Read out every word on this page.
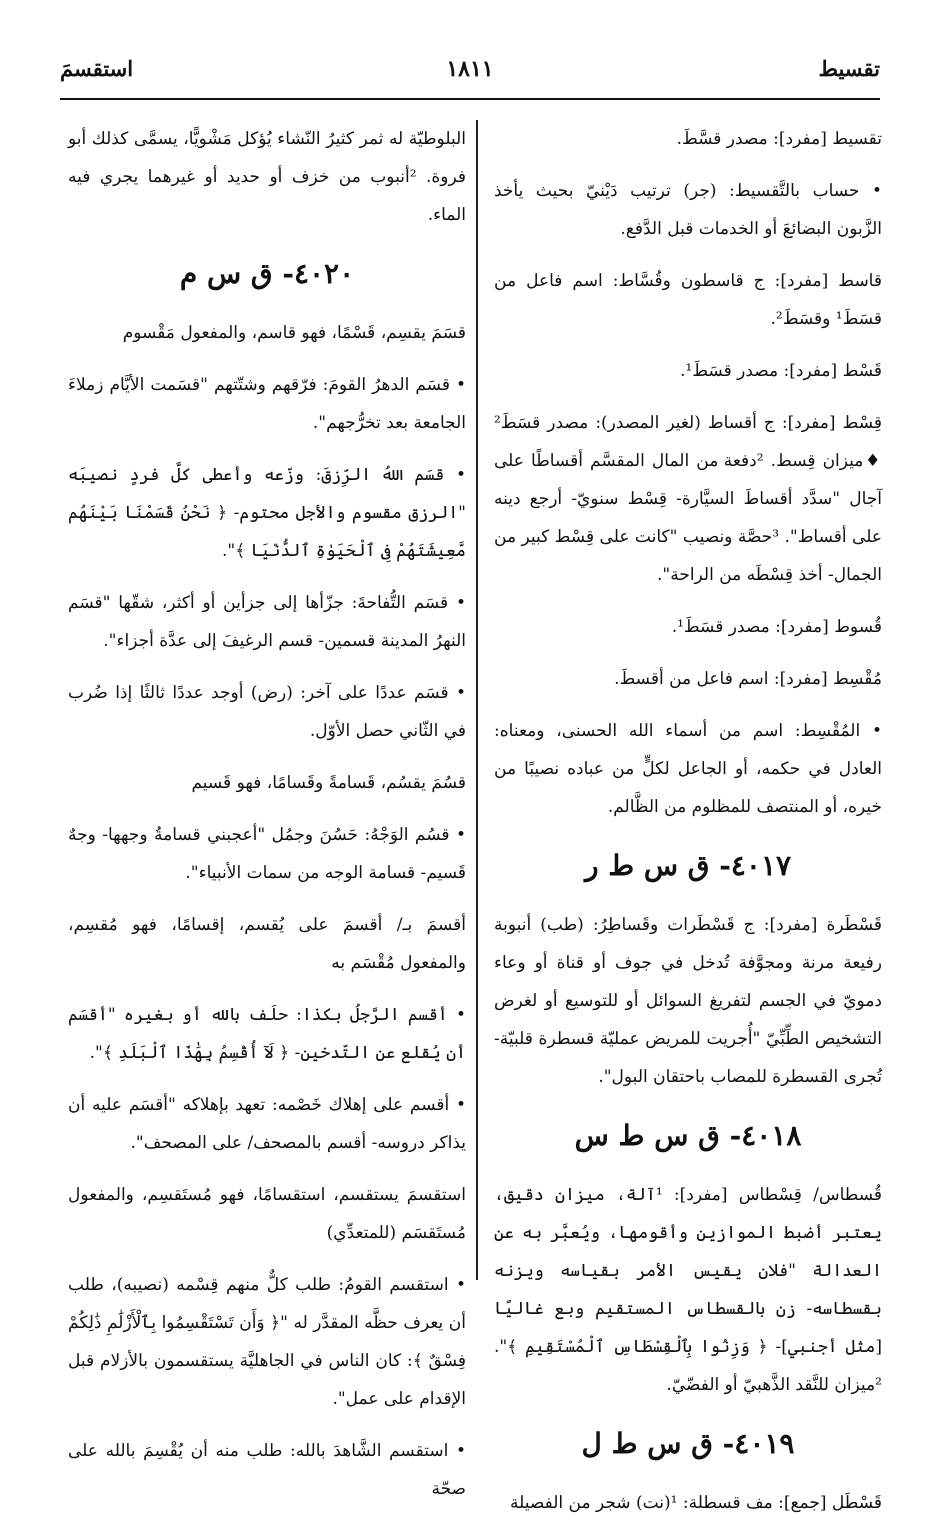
تقسيط
١٨١١
استقسمَ

تقسيط [مفرد]: مصدر قسَّطَ.

• حساب بالتَّقسيط: (جر) ترتيب دَيْنيّ بحيث يأخذ الزَّبون البضائعَ أو الخدمات قبل الدَّفع.

قاسط [مفرد]: ج قاسطون وقُسَّاط: اسم فاعل من قسَطَ¹ وقسَطَ².

قَسْط [مفرد]: مصدر قسَطَ¹.

قِسْط [مفرد]: ج أقساط (لغير المصدر): مصدر قسَطَ² ♦ميزان قِسط. ²دفعة من المال المقسَّم أقساطًا على آجال "سدَّد أقساطَ السيَّارة- قِسْط سنويّ- أرجع دينه على أقساط". ³حصَّة ونصيب "كانت على قِسْط كبير من الجمال- أخذ قِسْطَه من الراحة".

قُسوط [مفرد]: مصدر قسَطَ¹.

مُقْسِط [مفرد]: اسم فاعل من أقسطَ.

• المُقْسِط: اسم من أسماء الله الحسنى، ومعناه: العادل في حكمه، أو الجاعل لكلٍّ من عباده نصيبًا من خيره، أو المنتصف للمظلوم من الظَّالم.

٤٠١٧- ق س ط ر

قَسْطَرة [مفرد]: ج قَسْطَرات وقَساطِرُ: (طب) أنبوبة رفيعة مرنة ومجوَّفة تُدخل في جوف أو قناة أو وعاء دمويّ في الجسم لتفريغ السوائل أو للتوسيع أو لغرض التشخيص الطِّبِّيّ "أُجريت للمريض عمليّة قسطرة قلبيّة- تُجرى القسطرة للمصاب باحتقان البول".

٤٠١٨- ق س ط س

قُسطاس/ قِسْطاس [مفرد]: ¹آلة، ميزان دقيق، يعتبر أضبط الموازين وأقومها، ويُعبَّر به عن العدالة "فلان يقيس الأمر بقياسه ويزنه بقسطاسه- زن بالقسطاس المستقيم وبع غاليًا [مثل أجنبي]- ﴿ وَزِنُوا بِٱلْقِسْطَاسِ ٱلْمُسْتَقِيمِ ﴾". ²ميزان للنَّقد الذَّهبيّ أو الفضّيّ.

٤٠١٩- ق س ط ل

قَسْطَل [جمع]: مف قسطلة: ¹(نت) شجر من الفصيلة

البلوطيّة له ثمر كثيرُ النّشاء يُؤكل مَشْويًّا، يسمَّى كذلك أبو فروة. ²أنبوب من خزف أو حديد أو غيرهما يجري فيه الماء.

٤٠٢٠- ق س م

قسَمَ يقسِم، قَسْمًا، فهو قاسم، والمفعول مَقْسوم

• قسَم الدهرُ القومَ: فرّقهم وشتّتهم "قسَمت الأيَّام زملاءَ الجامعة بعد تخرُّجهم".

• قسَم اللهُ الرِّزقَ: وزّعه وأعطى كلَّ فردٍ نصيبَه "الرزق مقسوم والأجل محتوم- ﴿ نَحْنُ قَسَمْنَا بَيْنَهُم مَّعِيشَتَهُمْ فِى ٱلْحَيَوٰةِ ٱلدُّنْيَا ﴾".

• قسَم التُّفاحةَ: جزّأها إلى جزأين أو أكثر، شقّها "قسَم النهرُ المدينة قسمين- قسم الرغيفَ إلى عدَّة أجزاء".

• قسَم عددًا على آخر: (رض) أوجد عددًا ثالثًا إذا ضُرب في الثّاني حصل الأوّل.

قسُمَ يقسُم، قَسامةً وقَسامًا، فهو قَسيم

• قسُم الوَجْهُ: حَسُنَ وجمُل "أعجبني قسامةُ وجهها- وجهٌ قَسيم- قسامة الوجه من سمات الأنبياء".

أقسمَ بـ/ أقسمَ على يُقسم، إقسامًا، فهو مُقسِم، والمفعول مُقْسَم به

• أقسم الرَّجلُ بكذا: حلَف بالله أو بغيره "أقسَم أن يُقلع عن التّدخين- ﴿ لَآ أُقْسِمُ بِهَٰذَا ٱلْبَلَدِ ﴾".

• أقسم على إهلاك خَصْمه: تعهد بإهلاكه "أقسَم عليه أن يذاكر دروسه- أقسم بالمصحف/ على المصحف".

استقسمَ يستقسم، استقسامًا، فهو مُستَقسِم، والمفعول مُستَقسَم (للمتعدِّي)

• استقسم القومُ: طلب كلٌّ منهم قِسْمه (نصيبه)، طلب أن يعرف حظَّه المقدَّر له "﴿ وَأَن تَسْتَقْسِمُوا بِٱلْأَزْلَٰمِ ذَٰلِكُمْ فِسْقٌ ﴾: كان الناس في الجاهليَّة يستقسمون بالأزلام قبل الإقدام على عمل".

• استقسم الشَّاهدَ بالله: طلب منه أن يُقْسِمَ بالله على صحّة
